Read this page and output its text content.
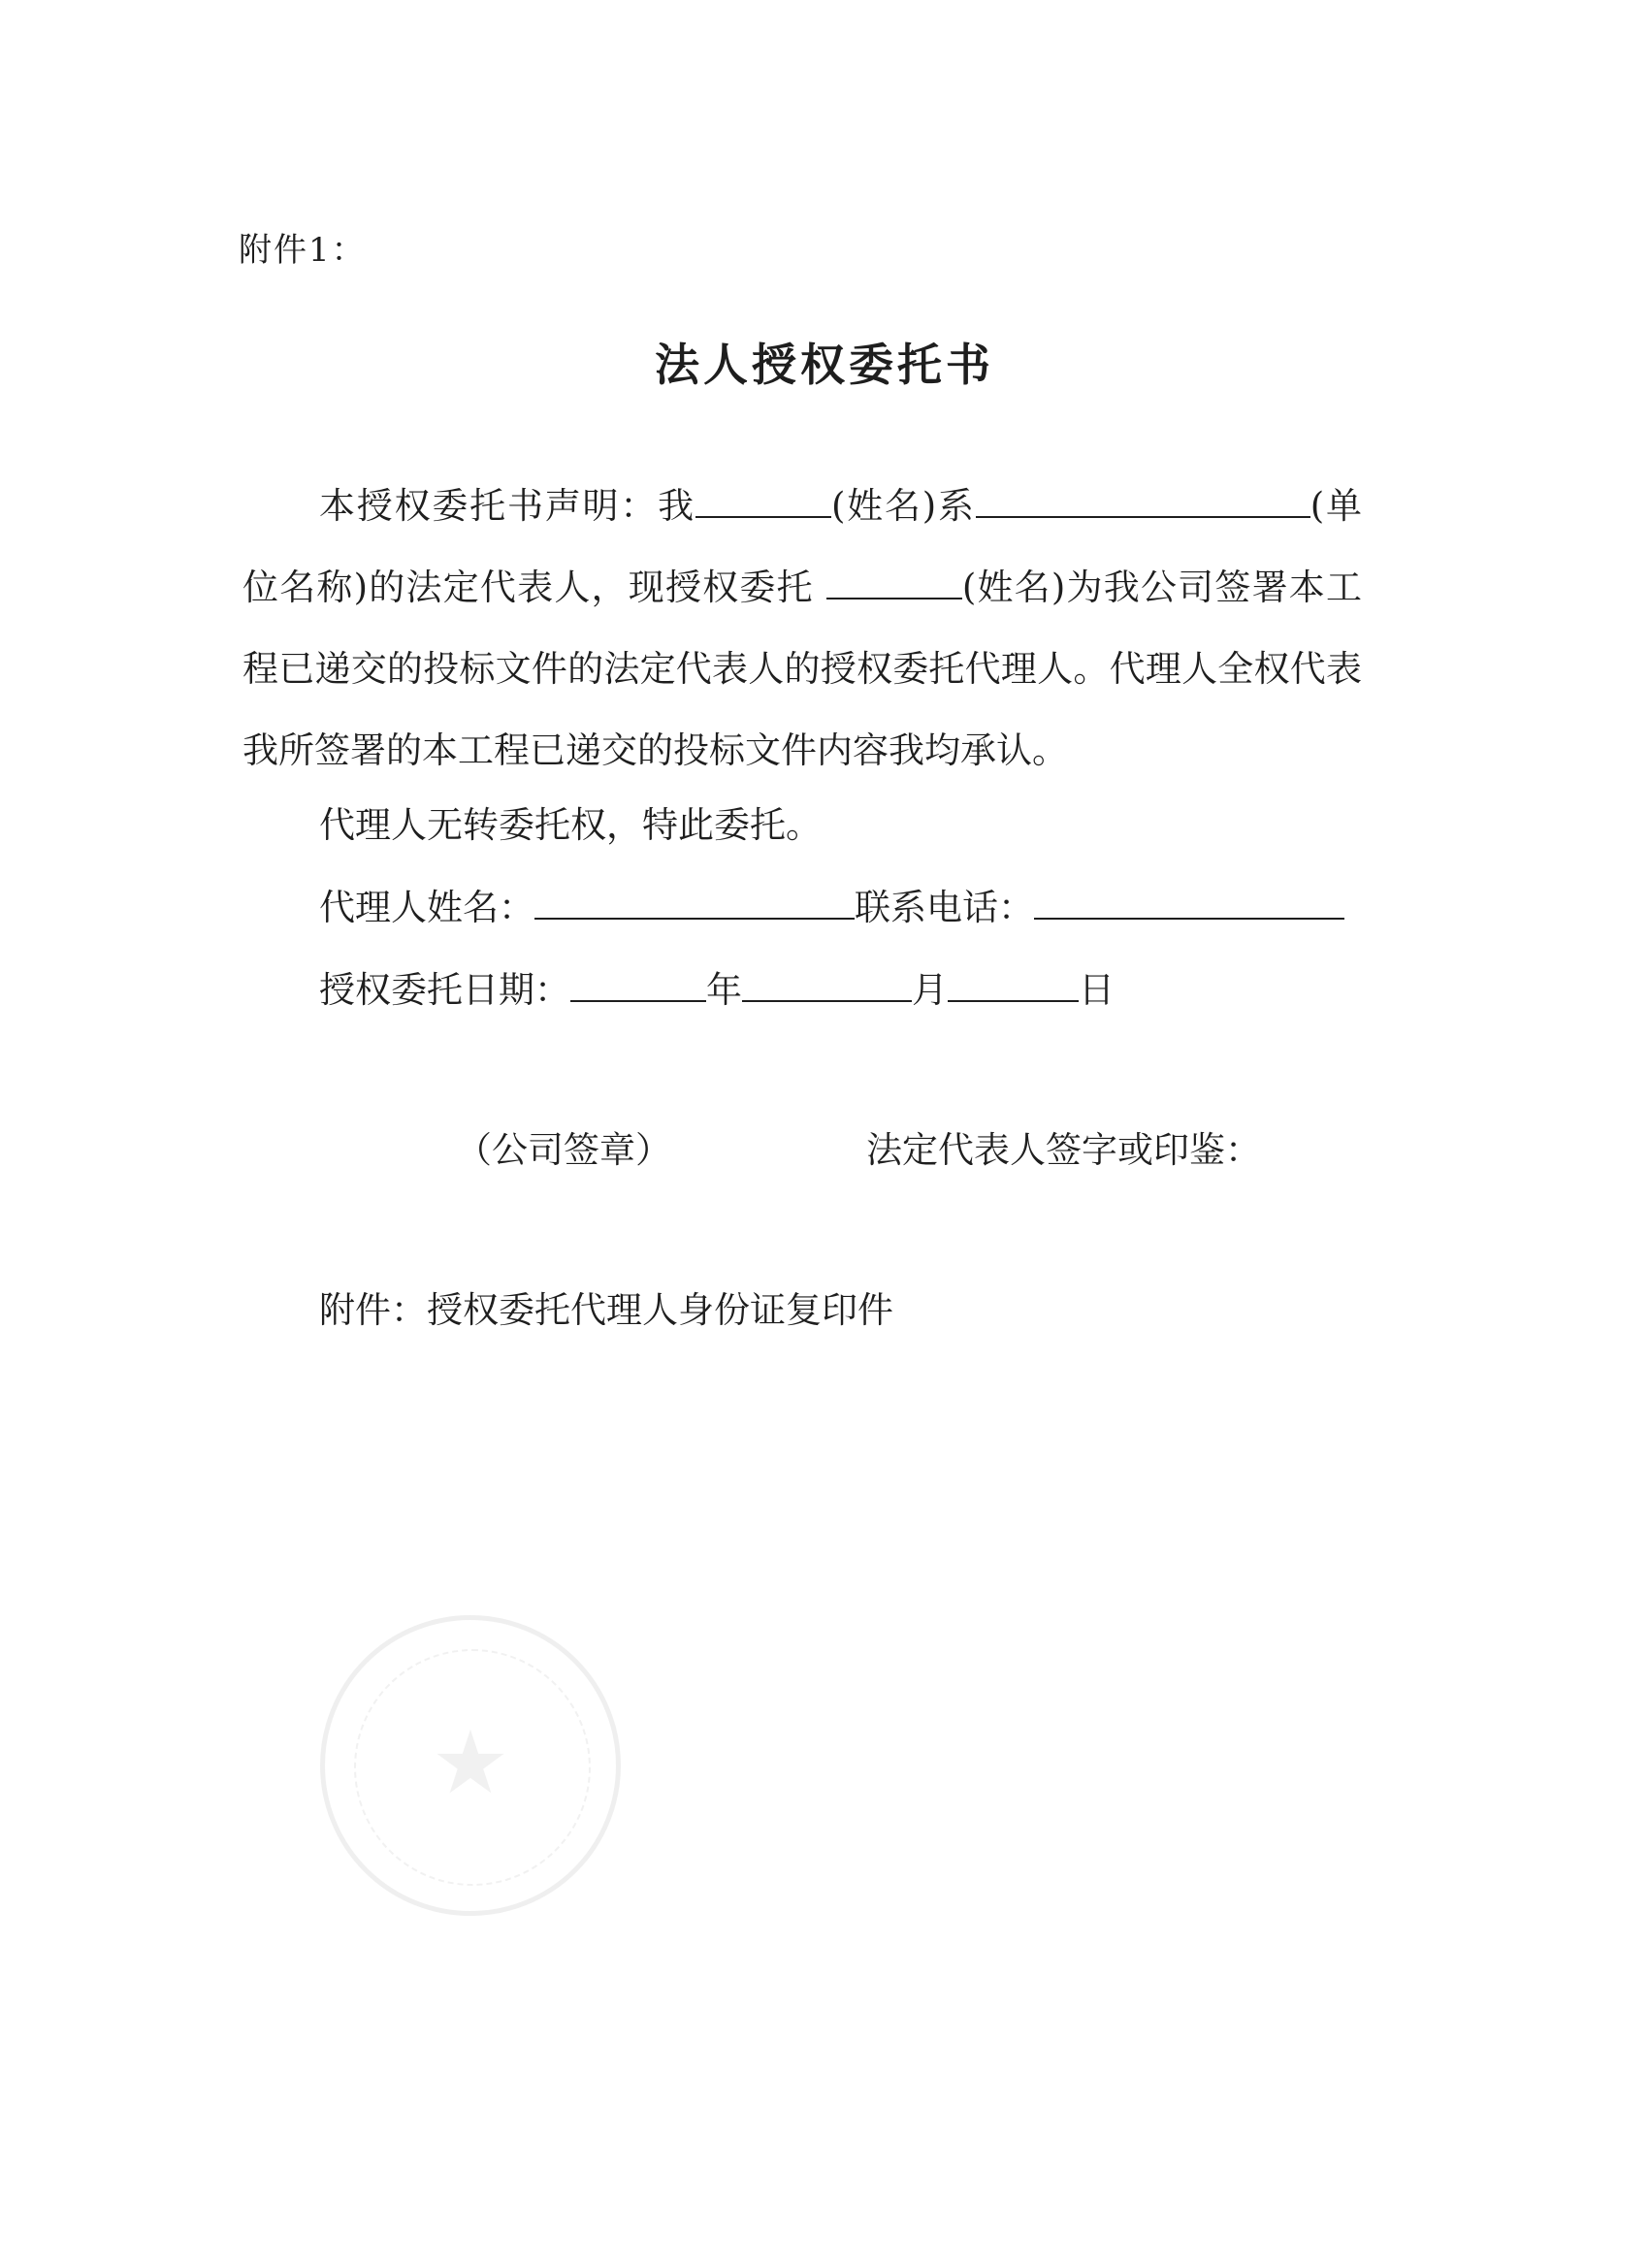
附件1：
法人授权委托书

本授权委托书声明：我	(姓名)系	(单位名称)的法定代表人，现授权委托	(姓名)为我公司签署本工程已递交的投标文件的法定代表人的授权委托代理人。代理人全权代表我所签署的本工程已递交的投标文件内容我均承认。

代理人无转委托权，特此委托。
代理人姓名：	联系电话：
授权委托日期：	年	月	日
（公司签章）	法定代表人签字或印鉴：
附件：授权委托代理人身份证复印件
★
